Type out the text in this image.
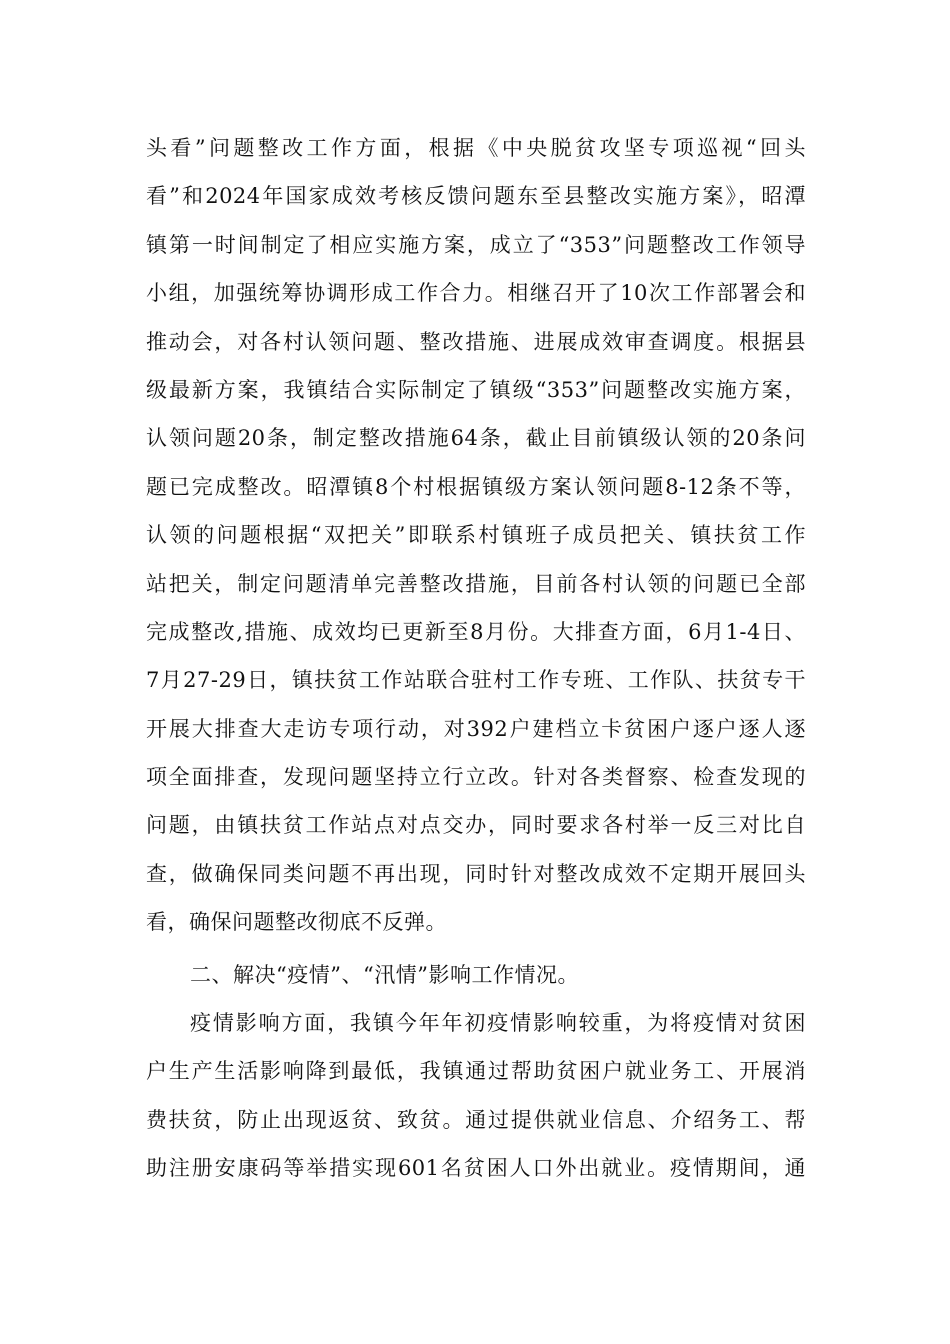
头看”问题整改工作方面，根据《中央脱贫攻坚专项巡视“回头
看”和2024年国家成效考核反馈问题东至县整改实施方案》，昭潭
镇第一时间制定了相应实施方案，成立了“353”问题整改工作领导
小组，加强统筹协调形成工作合力。相继召开了10次工作部署会和
推动会，对各村认领问题、整改措施、进展成效审查调度。根据县
级最新方案，我镇结合实际制定了镇级“353”问题整改实施方案，
认领问题20条，制定整改措施64条，截止目前镇级认领的20条问
题已完成整改。昭潭镇8个村根据镇级方案认领问题8-12条不等，
认领的问题根据“双把关”即联系村镇班子成员把关、镇扶贫工作
站把关，制定问题清单完善整改措施，目前各村认领的问题已全部
完成整改,措施、成效均已更新至8月份。大排查方面，6月1-4日、
7月27-29日，镇扶贫工作站联合驻村工作专班、工作队、扶贫专干
开展大排查大走访专项行动，对392户建档立卡贫困户逐户逐人逐
项全面排查，发现问题坚持立行立改。针对各类督察、检查发现的
问题，由镇扶贫工作站点对点交办，同时要求各村举一反三对比自
查，做确保同类问题不再出现，同时针对整改成效不定期开展回头
看，确保问题整改彻底不反弹。
二、解决“疫情”、“汛情”影响工作情况。
疫情影响方面，我镇今年年初疫情影响较重，为将疫情对贫困
户生产生活影响降到最低，我镇通过帮助贫困户就业务工、开展消
费扶贫，防止出现返贫、致贫。通过提供就业信息、介绍务工、帮
助注册安康码等举措实现601名贫困人口外出就业。疫情期间，通
